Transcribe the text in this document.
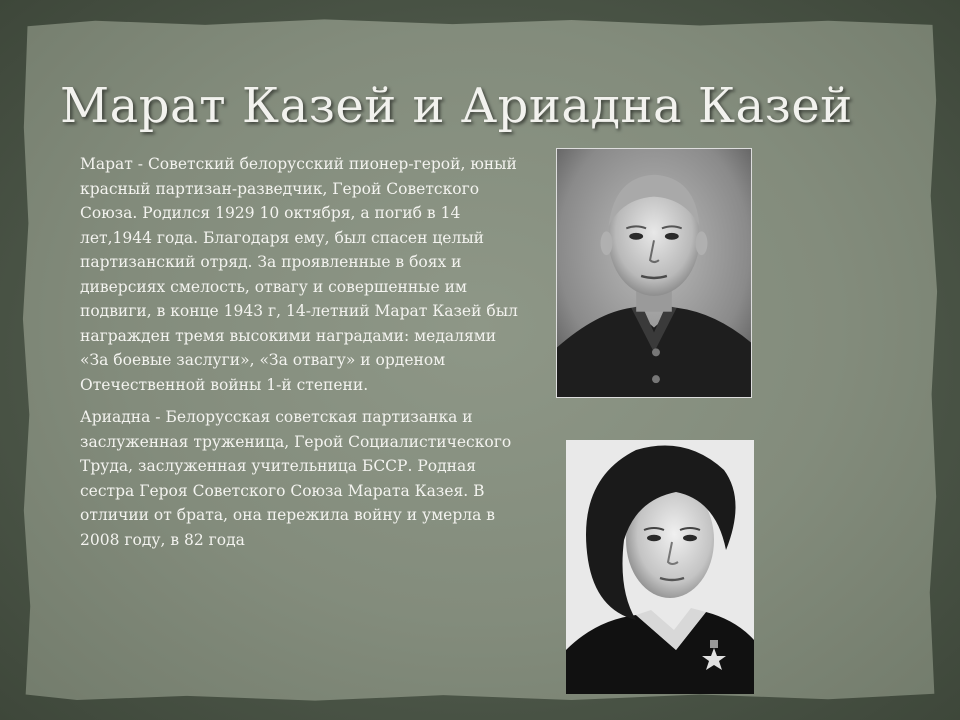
Марат Казей и Ариадна Казей

Марат - Советский белорусский пионер-герой, юный красный партизан-разведчик, Герой Советского Союза. Родился 1929 10 октября, а погиб в 14 лет,1944 года. Благодаря ему, был спасен целый партизанский отряд. За проявленные в боях и диверсиях смелость, отвагу и совершенные им подвиги, в конце 1943 г, 14-летний Марат Казей был награжден тремя высокими наградами: медалями «За боевые заслуги», «За отвагу» и орденом Отечественной войны 1-й степени.

Ариадна - Белорусская советская партизанка и заслуженная труженица, Герой Социалистического Труда, заслуженная учительница БССР. Родная сестра Героя Советского Союза Марата Казея. В отличии от брата, она пережила войну и умерла в 2008 году, в 82 года
